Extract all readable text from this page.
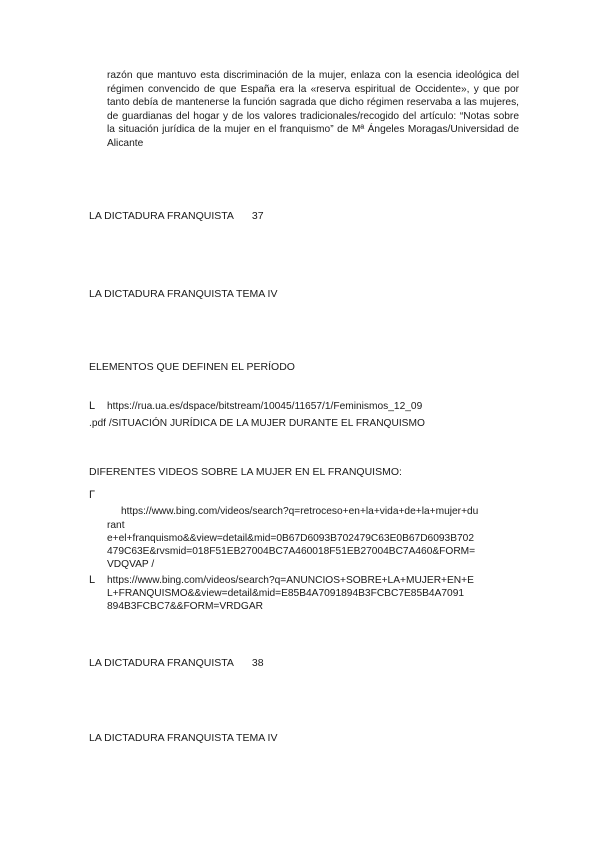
razón que mantuvo esta discriminación de la mujer, enlaza con la esencia ideológica del régimen convencido de que España era la «reserva espiritual de Occidente», y que por tanto debía de mantenerse la función sagrada que dicho régimen reservaba a las mujeres, de guardianas del hogar y de los valores tradicionales/recogido del artículo: “Notas sobre la situación jurídica de la mujer en el franquismo” de Mª Ángeles Moragas/Universidad de Alicante
LA DICTADURA FRANQUISTA 37
LA DICTADURA FRANQUISTA TEMA IV
ELEMENTOS QUE DEFINEN EL PERÍODO
L https://rua.ua.es/dspace/bitstream/10045/11657/1/Feminismos_12_09
.pdf /SITUACIÓN JURÍDICA DE LA MUJER DURANTE EL FRANQUISMO
DIFERENTES VIDEOS SOBRE LA MUJER EN EL FRANQUISMO:
Γ
https://www.bing.com/videos/search?q=retroceso+en+la+vida+de+la+mujer+du
rant
e+el+franquismo&&view=detail&mid=0B67D6093B702479C63E0B67D6093B702
479C63E&rvsmid=018F51EB27004BC7A460018F51EB27004BC7A460&FORM=
VDQVAP /
L https://www.bing.com/videos/search?q=ANUNCIOS+SOBRE+LA+MUJER+EN+E
L+FRANQUISMO&&view=detail&mid=E85B4A7091894B3FCBC7E85B4A7091
894B3FCBC7&&FORM=VRDGAR
LA DICTADURA FRANQUISTA 38
LA DICTADURA FRANQUISTA TEMA IV
